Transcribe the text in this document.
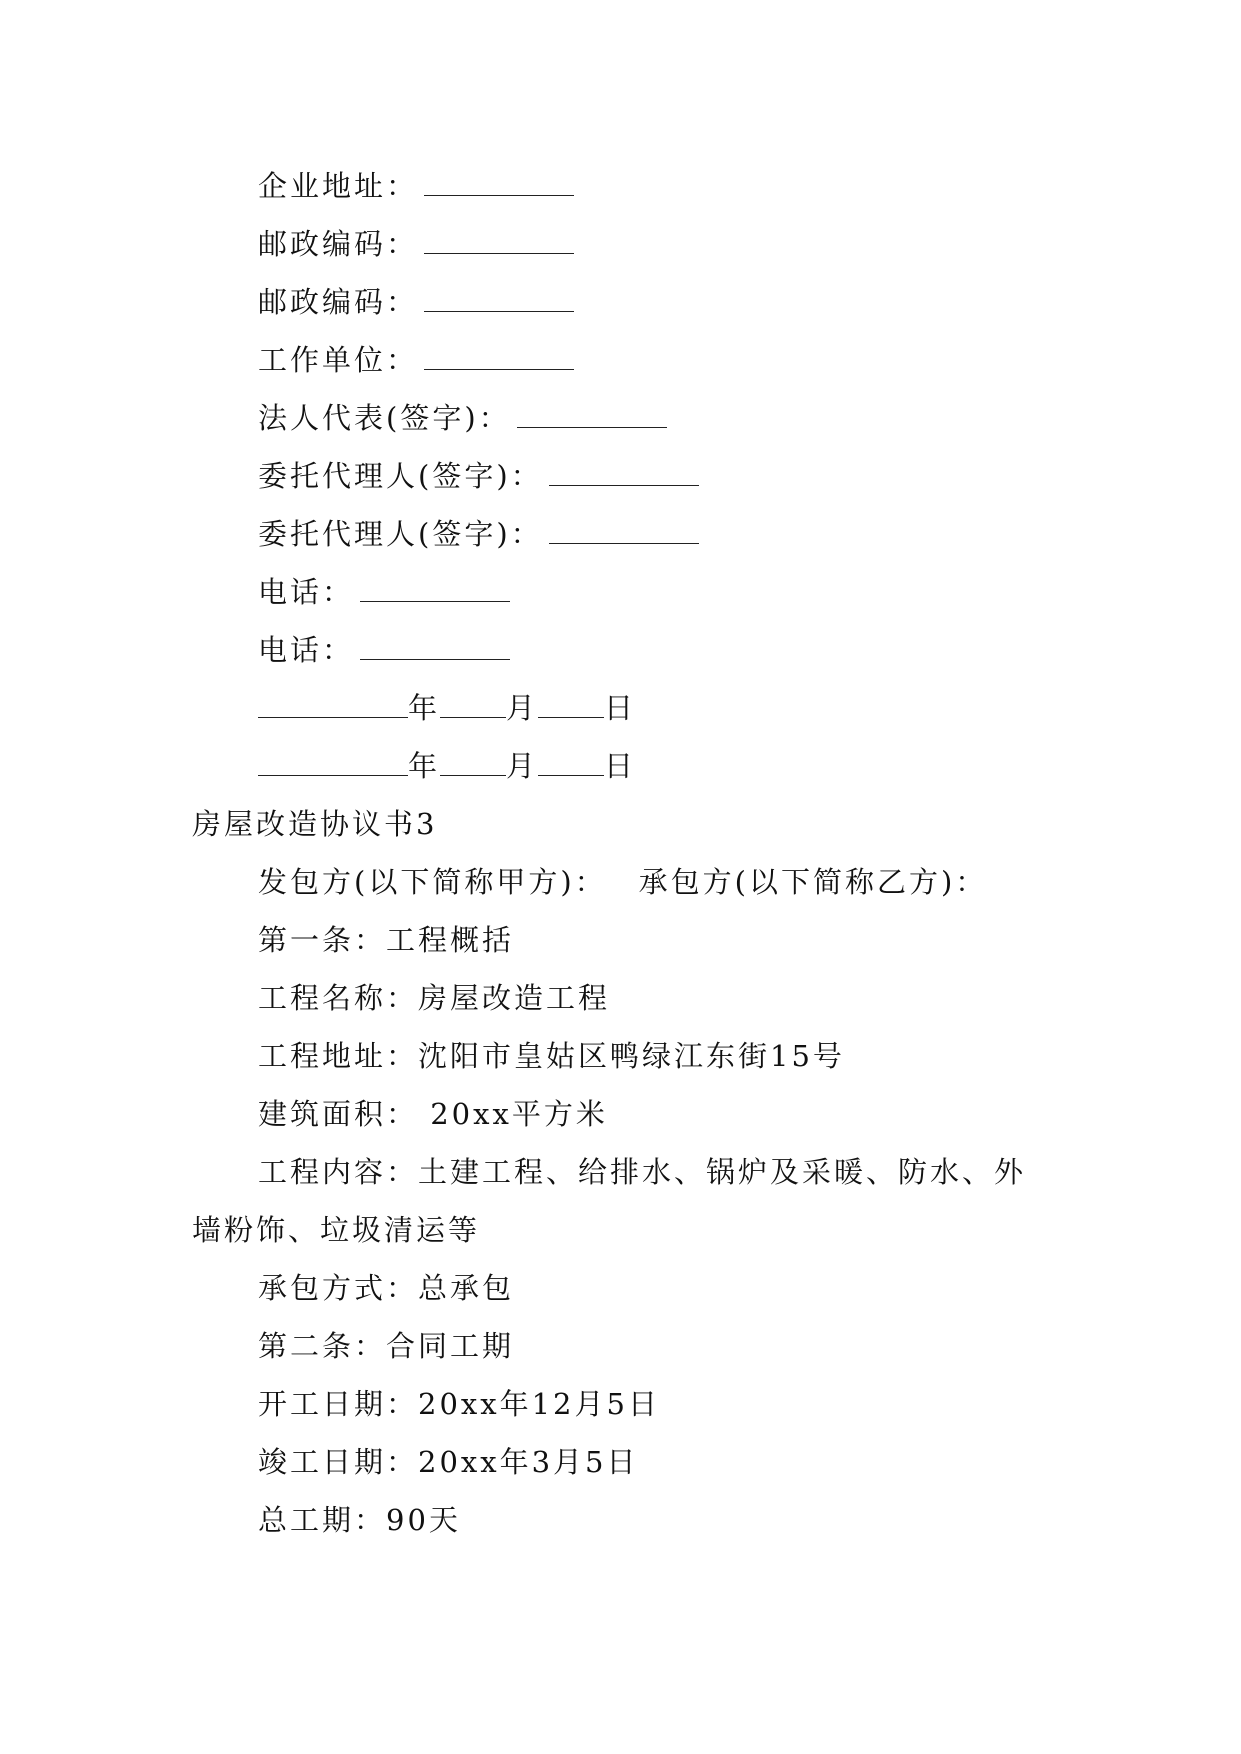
企业地址：
邮政编码：
邮政编码：
工作单位：
法人代表(签字)：
委托代理人(签字)：
委托代理人(签字)：
电话：
电话：
年 月 日
年 月 日
房屋改造协议书3
发包方(以下简称甲方)： 承包方(以下简称乙方)：
第一条：工程概括
工程名称：房屋改造工程
工程地址：沈阳市皇姑区鸭绿江东街15号
建筑面积： 20xx平方米
工程内容：土建工程、给排水、锅炉及采暖、防水、外
墙粉饰、垃圾清运等
承包方式：总承包
第二条：合同工期
开工日期：20xx年12月5日
竣工日期：20xx年3月5日
总工期：90天
